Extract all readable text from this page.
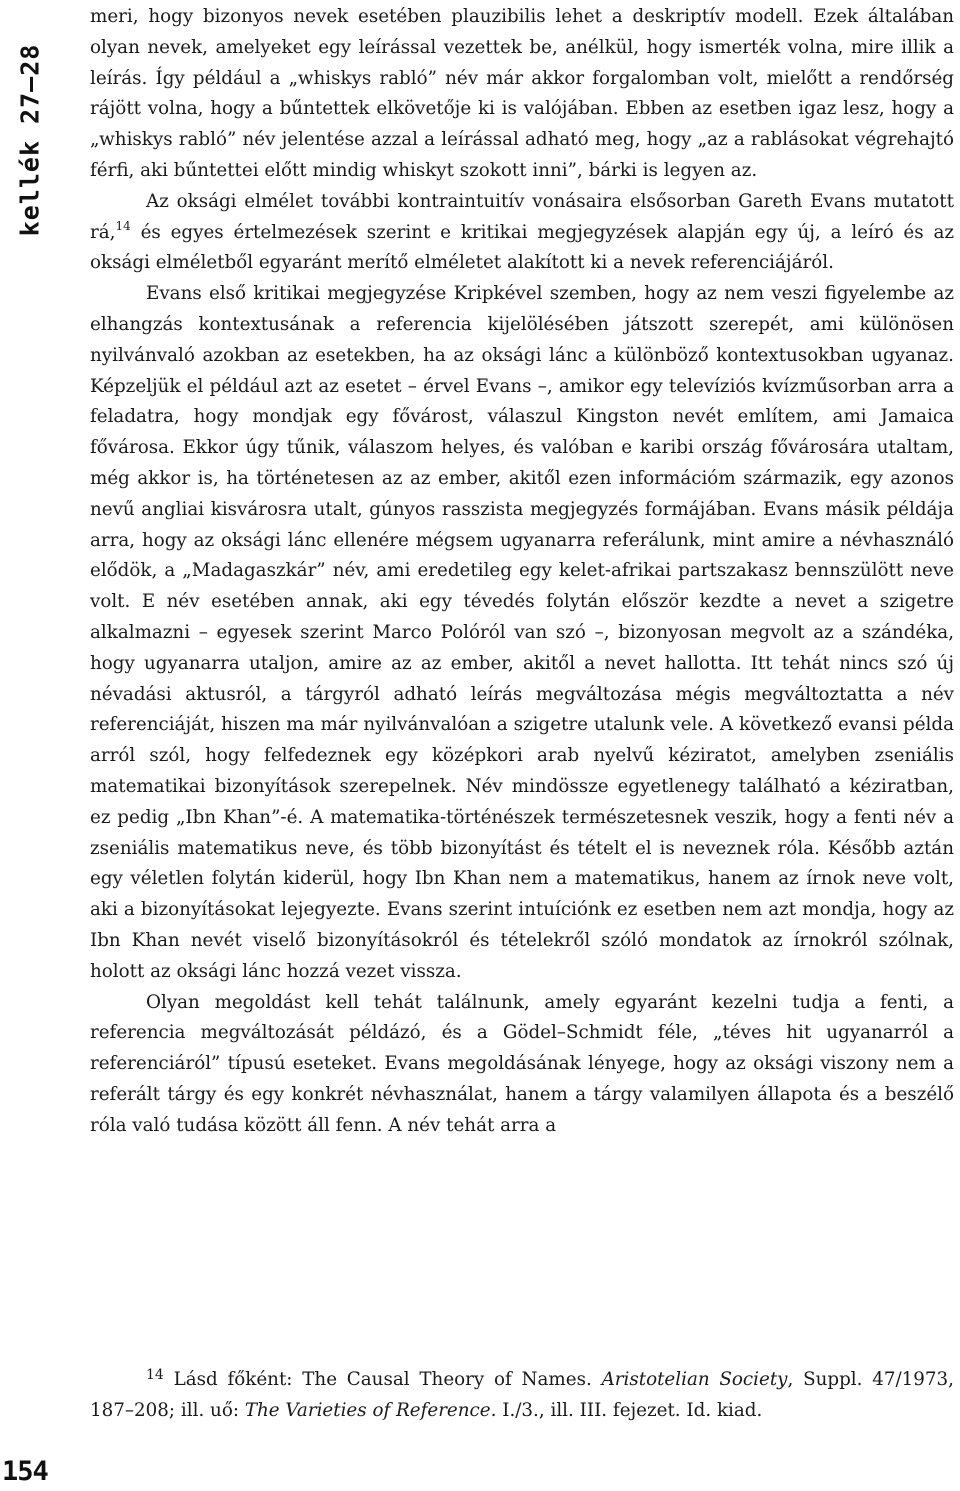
kellék 27–28

meri, hogy bizonyos nevek esetében plauzibilis lehet a deskriptív modell. Ezek általában olyan nevek, amelyeket egy leírással vezettek be, anélkül, hogy ismerték volna, mire illik a leírás. Így például a „whiskys rabló” név már akkor forgalomban volt, mielőtt a rendőrség rájött volna, hogy a bűntettek elkövetője ki is valójában. Ebben az esetben igaz lesz, hogy a „whiskys rabló” név jelentése azzal a leírással adható meg, hogy „az a rablásokat végrehajtó férfi, aki bűntettei előtt mindig whiskyt szokott inni”, bárki is legyen az.

Az oksági elmélet további kontraintuitív vonásaira elsősorban Gareth Evans mutatott rá,$^{14}$ és egyes értelmezések szerint e kritikai megjegyzések alapján egy új, a leíró és az oksági elméletből egyaránt merítő elméletet alakított ki a nevek referenciájáról.

Evans első kritikai megjegyzése Kripkével szemben, hogy az nem veszi figyelembe az elhangzás kontextusának a referencia kijelölésében játszott szerepét, ami különösen nyilvánvaló azokban az esetekben, ha az oksági lánc a különböző kontextusokban ugyanaz. Képzeljük el például azt az esetet – érvel Evans –, amikor egy televíziós kvízműsorban arra a feladatra, hogy mondjak egy fővárost, válaszul Kingston nevét említem, ami Jamaica fővárosa. Ekkor úgy tűnik, válaszom helyes, és valóban e karibi ország fővárosára utaltam, még akkor is, ha történetesen az az ember, akitől ezen információm származik, egy azonos nevű angliai kisvárosra utalt, gúnyos rasszista megjegyzés formájában. Evans másik példája arra, hogy az oksági lánc ellenére mégsem ugyanarra referálunk, mint amire a névhasználó elődök, a „Madagaszkár” név, ami eredetileg egy kelet-afrikai partszakasz bennszülött neve volt. E név esetében annak, aki egy tévedés folytán először kezdte a nevet a szigetre alkalmazni – egyesek szerint Marco Polóról van szó –, bizonyosan megvolt az a szándéka, hogy ugyanarra utaljon, amire az az ember, akitől a nevet hallotta. Itt tehát nincs szó új névadási aktusról, a tárgyról adható leírás megváltozása mégis megváltoztatta a név referenciáját, hiszen ma már nyilvánvalóan a szigetre utalunk vele. A következő evansi példa arról szól, hogy felfedeznek egy középkori arab nyelvű kéziratot, amelyben zseniális matematikai bizonyítások szerepelnek. Név mindössze egyetlenegy található a kéziratban, ez pedig „Ibn Khan”-é. A matematika-történészek természetesnek veszik, hogy a fenti név a zseniális matematikus neve, és több bizonyítást és tételt el is neveznek róla. Később aztán egy véletlen folytán kiderül, hogy Ibn Khan nem a matematikus, hanem az írnok neve volt, aki a bizonyításokat lejegyezte. Evans szerint intuíciónk ez esetben nem azt mondja, hogy az Ibn Khan nevét viselő bizonyításokról és tételekről szóló mondatok az írnokról szólnak, holott az oksági lánc hozzá vezet vissza.

Olyan megoldást kell tehát találnunk, amely egyaránt kezelni tudja a fenti, a referencia megváltozását példázó, és a Gödel–Schmidt féle, „téves hit ugyanarról a referenciáról” típusú eseteket. Evans megoldásának lényege, hogy az oksági viszony nem a referált tárgy és egy konkrét névhasználat, hanem a tárgy valamilyen állapota és a beszélő róla való tudása között áll fenn. A név tehát arra a

$^{14}$ Lásd főként: The Causal Theory of Names. Aristotelian Society, Suppl. 47/1973, 187–208; ill. uő: The Varieties of Reference. I./3., ill. III. fejezet. Id. kiad.
154
